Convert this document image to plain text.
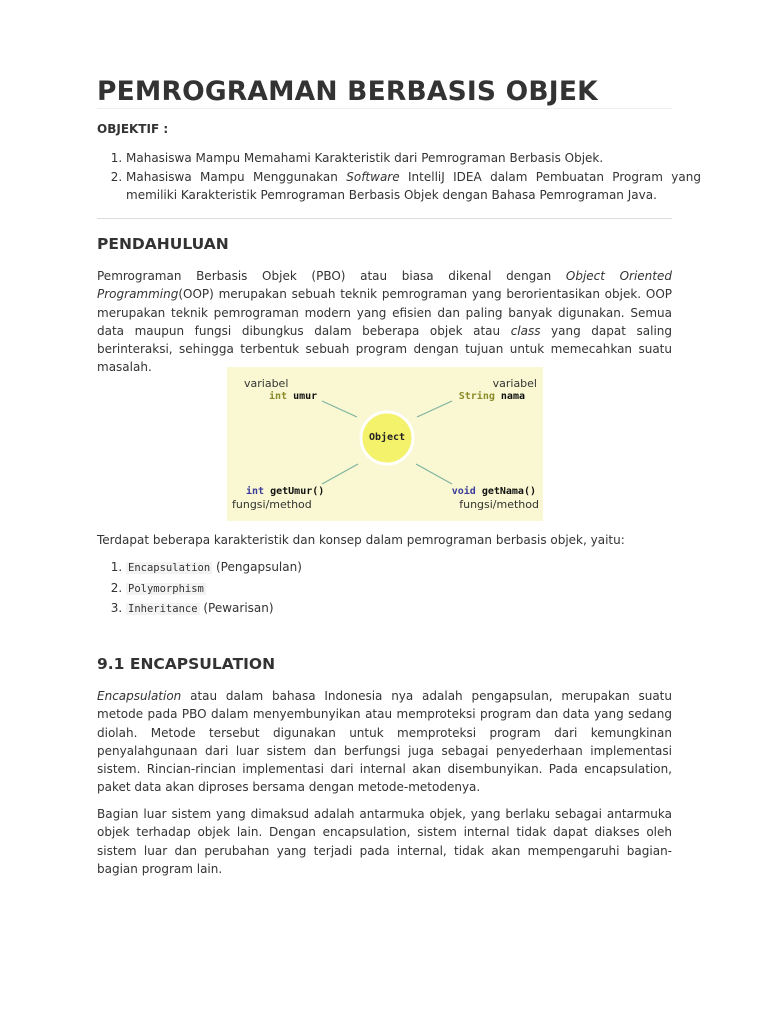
PEMROGRAMAN BERBASIS OBJEK
OBJEKTIF :
1. Mahasiswa Mampu Memahami Karakteristik dari Pemrograman Berbasis Objek.
2. Mahasiswa Mampu Menggunakan Software IntelliJ IDEA dalam Pembuatan Program yang memiliki Karakteristik Pemrograman Berbasis Objek dengan Bahasa Pemrograman Java.
PENDAHULUAN

Pemrograman Berbasis Objek (PBO) atau biasa dikenal dengan Object Oriented Programming(OOP) merupakan sebuah teknik pemrograman yang berorientasikan objek. OOP merupakan teknik pemrograman modern yang efisien dan paling banyak digunakan. Semua data maupun fungsi dibungkus dalam beberapa objek atau class yang dapat saling berinteraksi, sehingga terbentuk sebuah program dengan tujuan untuk memecahkan suatu masalah.

Object
variabel
int umur
variabel
String nama
int getUmur()
fungsi/method
void getNama()
fungsi/method

Terdapat beberapa karakteristik dan konsep dalam pemrograman berbasis objek, yaitu:

1. Encapsulation (Pengapsulan)
2. Polymorphism
3. Inheritance (Pewarisan)
9.1 ENCAPSULATION

Encapsulation atau dalam bahasa Indonesia nya adalah pengapsulan, merupakan suatu metode pada PBO dalam menyembunyikan atau memproteksi program dan data yang sedang diolah. Metode tersebut digunakan untuk memproteksi program dari kemungkinan penyalahgunaan dari luar sistem dan berfungsi juga sebagai penyederhaan implementasi sistem. Rincian-rincian implementasi dari internal akan disembunyikan. Pada encapsulation, paket data akan diproses bersama dengan metode-metodenya.

Bagian luar sistem yang dimaksud adalah antarmuka objek, yang berlaku sebagai antarmuka objek terhadap objek lain. Dengan encapsulation, sistem internal tidak dapat diakses oleh sistem luar dan perubahan yang terjadi pada internal, tidak akan mempengaruhi bagian-bagian program lain.
